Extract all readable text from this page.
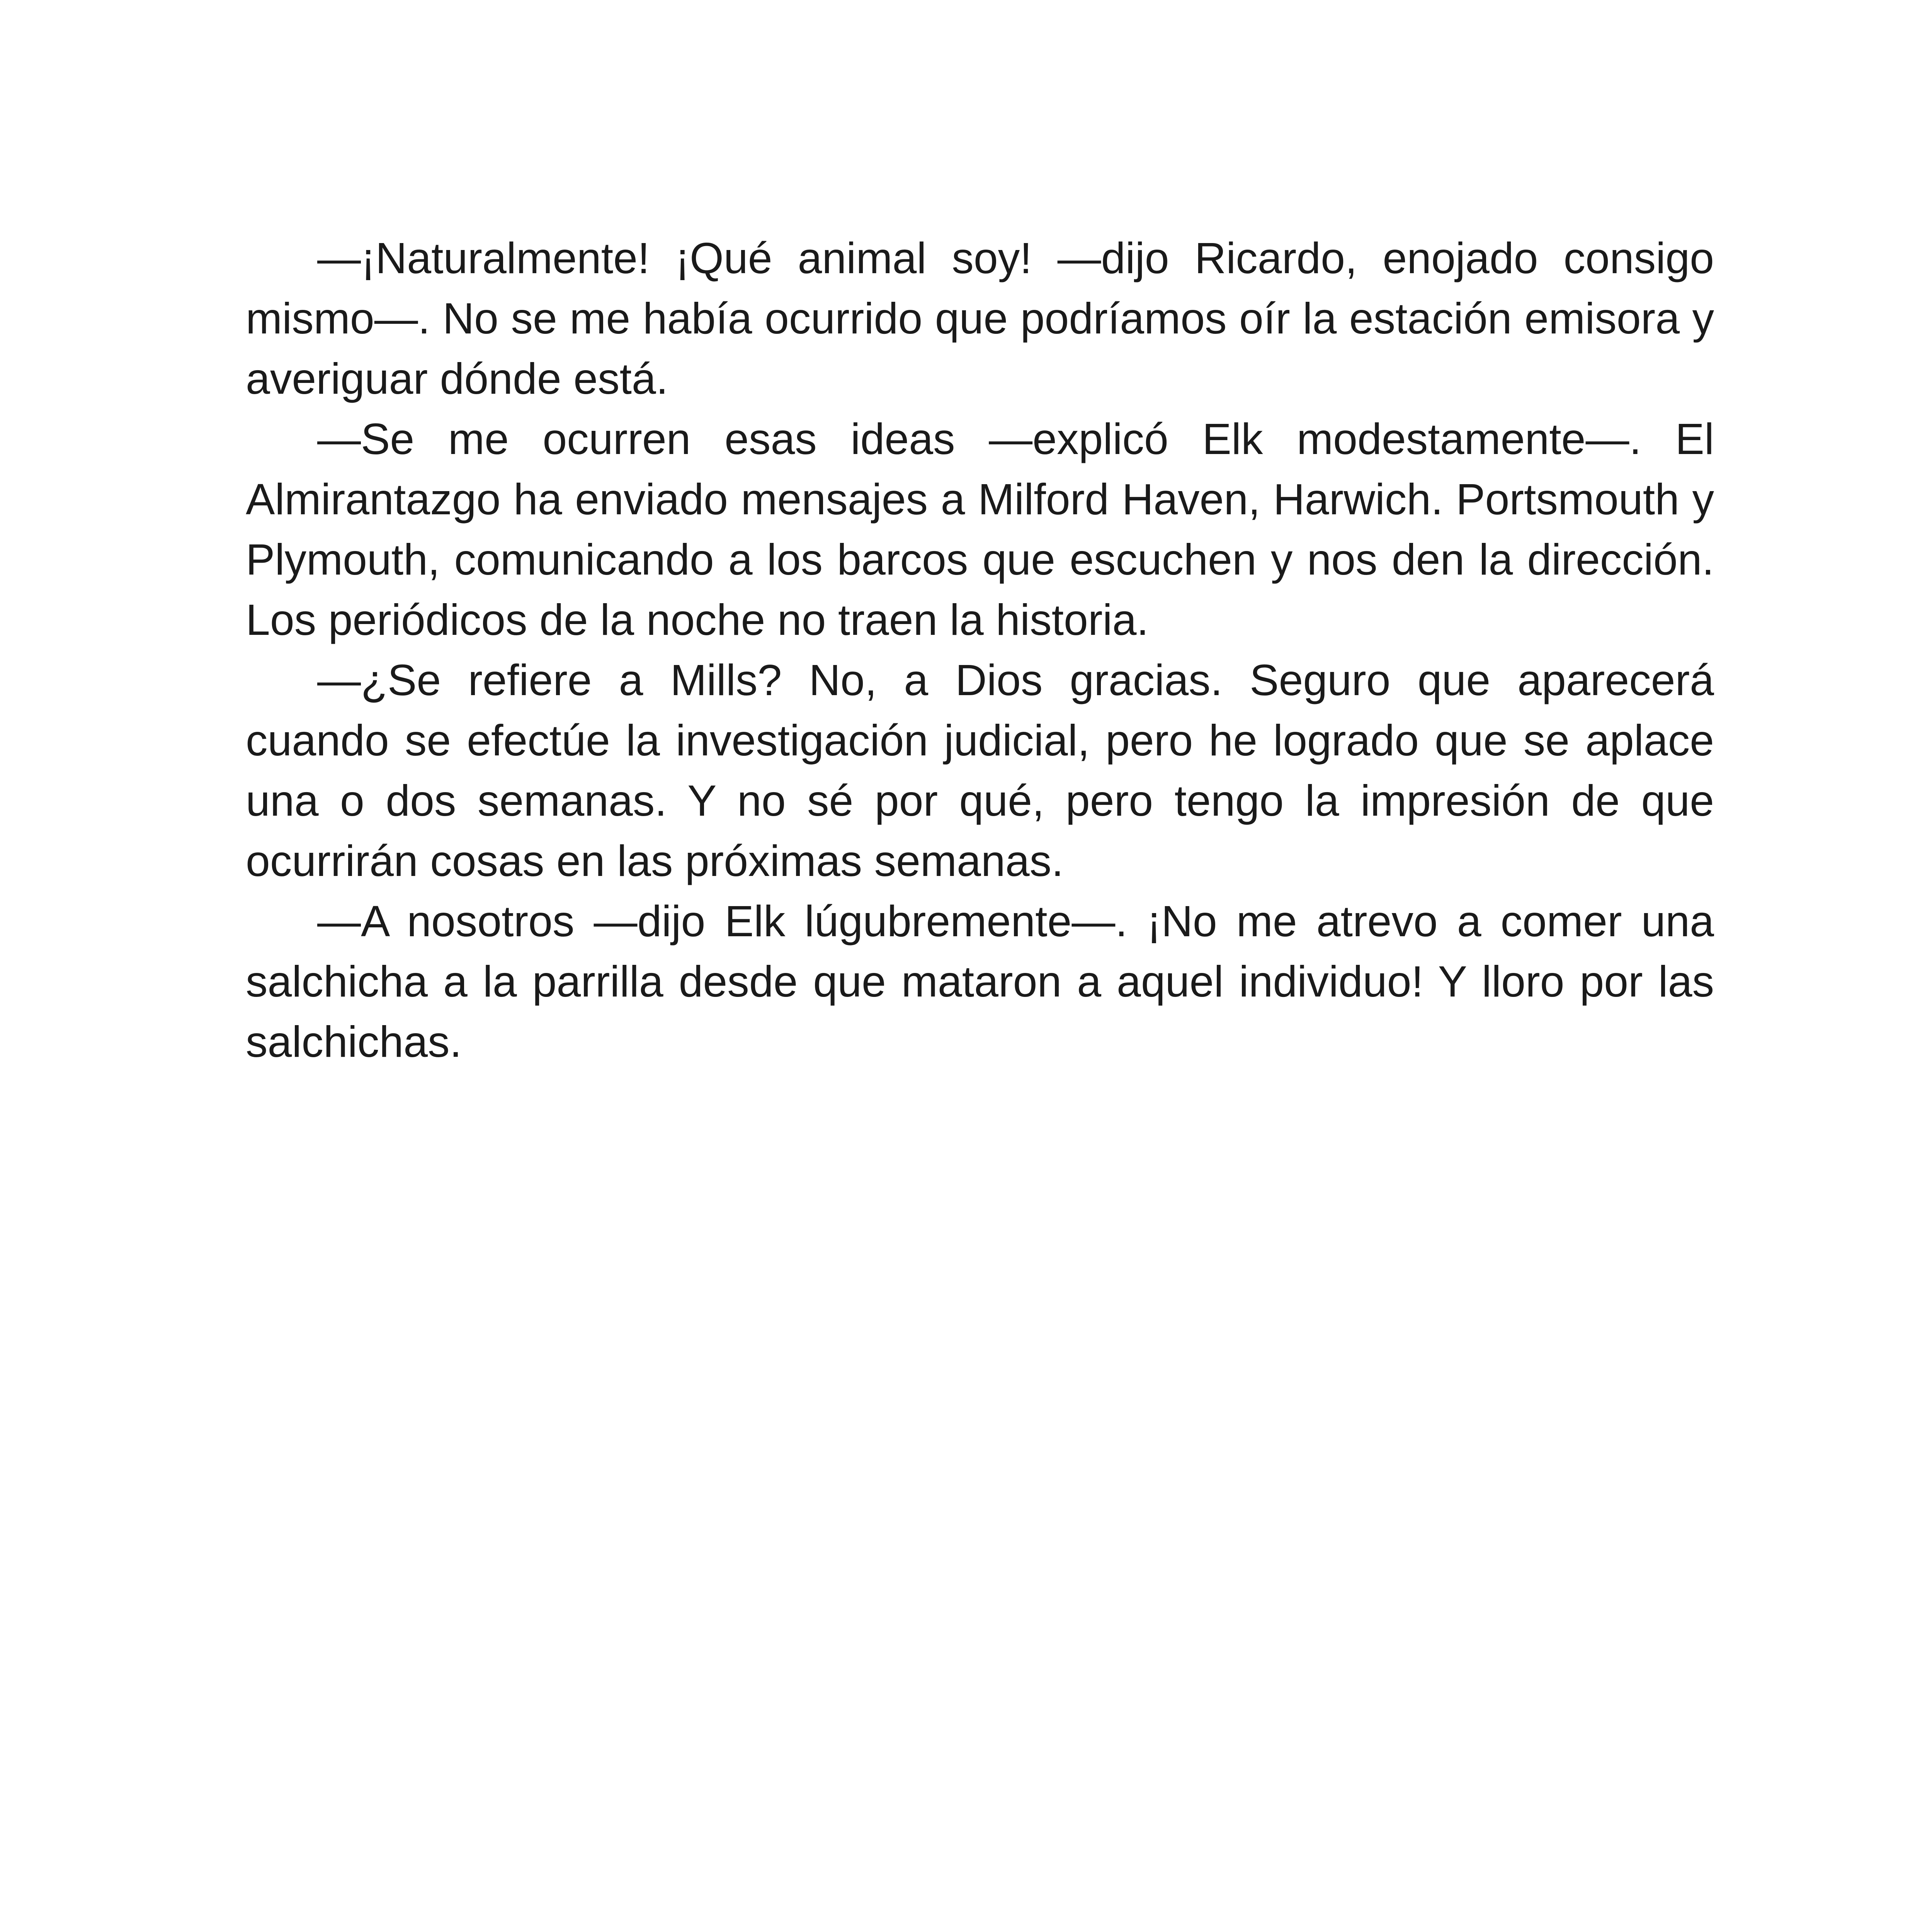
—¡Naturalmente! ¡Qué animal soy! —dijo Ricardo, enojado consigo mismo—. No se me había ocurrido que podríamos oír la estación emisora y averiguar dónde está.

—Se me ocurren esas ideas —explicó Elk modestamente—. El Almirantazgo ha enviado mensajes a Milford Haven, Harwich. Portsmouth y Plymouth, comunicando a los barcos que escuchen y nos den la dirección. Los periódicos de la noche no traen la historia.

—¿Se refiere a Mills? No, a Dios gracias. Seguro que aparecerá cuando se efectúe la investigación judicial, pero he logrado que se aplace una o dos semanas. Y no sé por qué, pero tengo la impresión de que ocurrirán cosas en las próximas semanas.

—A nosotros —dijo Elk lúgubremente—. ¡No me atrevo a comer una salchicha a la parrilla desde que mataron a aquel individuo! Y lloro por las salchichas.
